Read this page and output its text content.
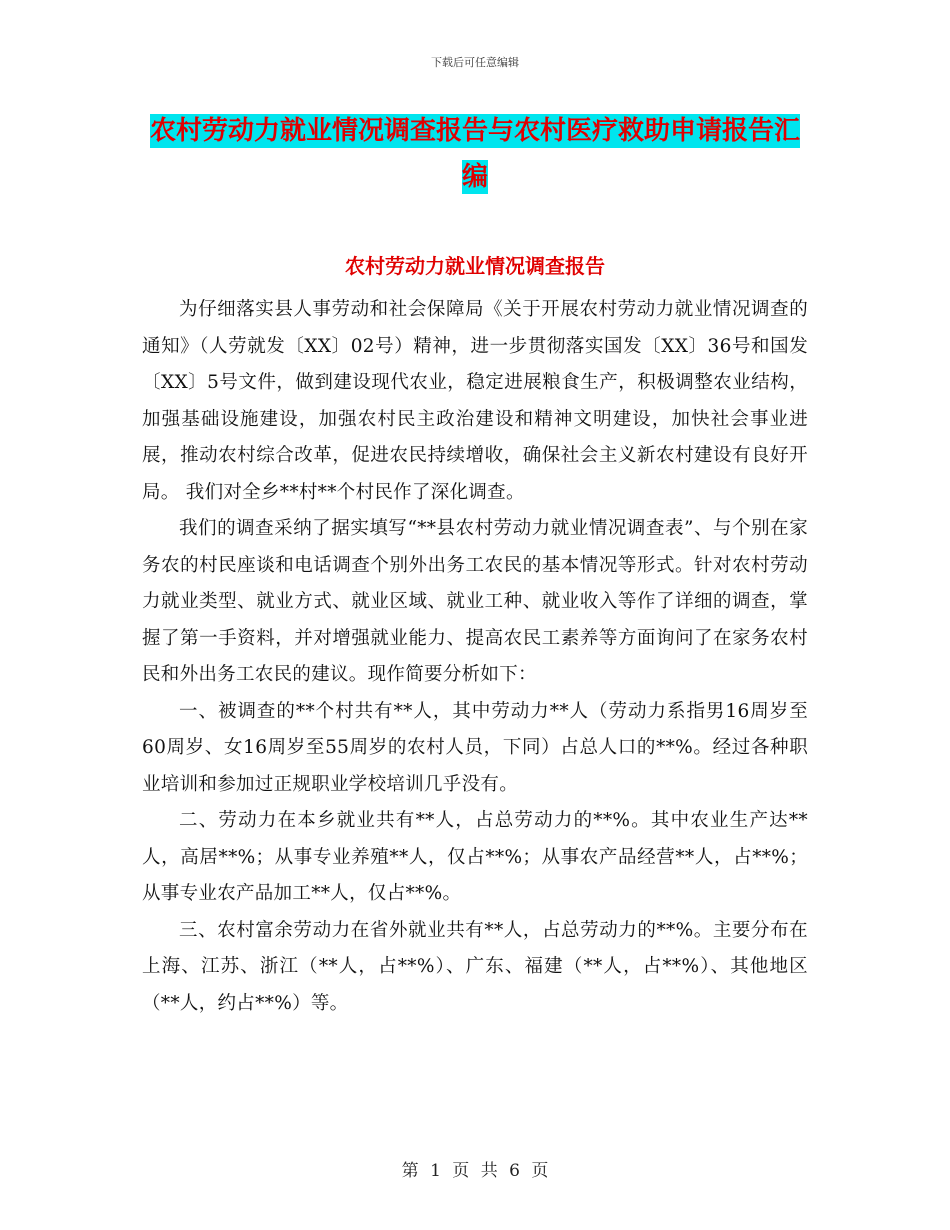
下载后可任意编辑
农村劳动力就业情况调查报告与农村医疗救助申请报告汇编
农村劳动力就业情况调查报告

为仔细落实县人事劳动和社会保障局《关于开展农村劳动力就业情况调查的通知》（人劳就发〔XX〕02号）精神，进一步贯彻落实国发〔XX〕36号和国发〔XX〕5号文件，做到建设现代农业，稳定进展粮食生产，积极调整农业结构，加强基础设施建设，加强农村民主政治建设和精神文明建设，加快社会事业进展，推动农村综合改革，促进农民持续增收，确保社会主义新农村建设有良好开局。 我们对全乡**村**个村民作了深化调查。

我们的调查采纳了据实填写“**县农村劳动力就业情况调查表”、与个别在家务农的村民座谈和电话调查个别外出务工农民的基本情况等形式。针对农村劳动力就业类型、就业方式、就业区域、就业工种、就业收入等作了详细的调查，掌握了第一手资料，并对增强就业能力、提高农民工素养等方面询问了在家务农村民和外出务工农民的建议。现作简要分析如下：

一、被调查的**个村共有**人，其中劳动力**人（劳动力系指男16周岁至60周岁、女16周岁至55周岁的农村人员，下同）占总人口的**%。经过各种职业培训和参加过正规职业学校培训几乎没有。

二、劳动力在本乡就业共有**人，占总劳动力的**%。其中农业生产达**人，高居**%；从事专业养殖**人，仅占**%；从事农产品经营**人，占**%；从事专业农产品加工**人，仅占**%。

三、农村富余劳动力在省外就业共有**人，占总劳动力的**%。主要分布在上海、江苏、浙江（**人，占**%）、广东、福建（**人，占**%）、其他地区（**人，约占**%）等。

第 1 页 共 6 页
